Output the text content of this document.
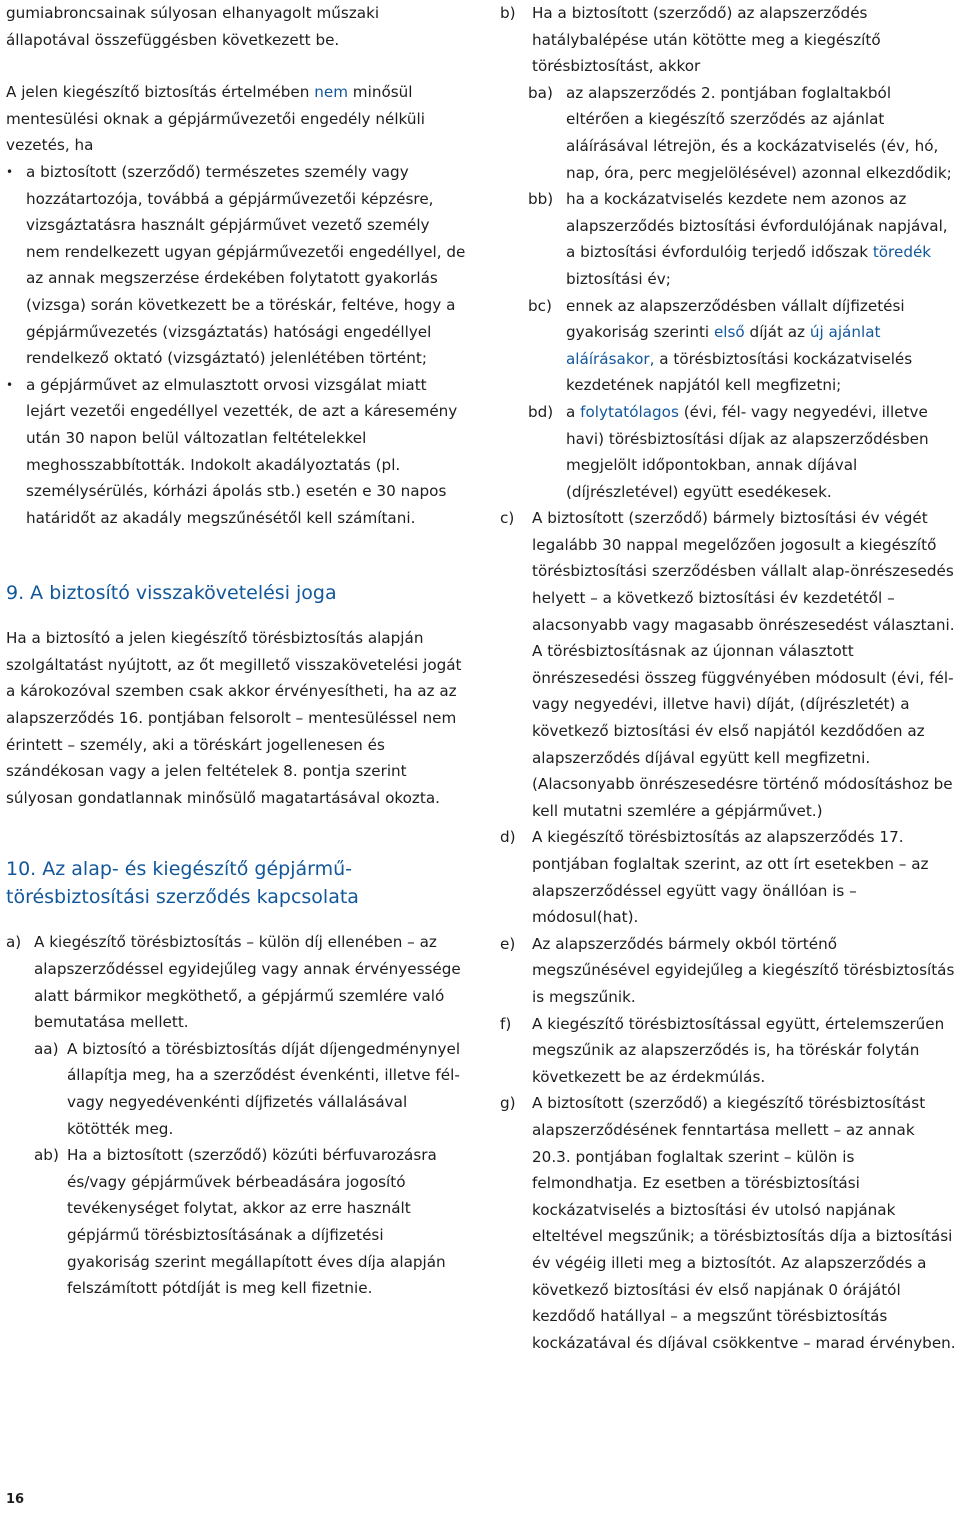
gumiabroncsainak súlyosan elhanyagolt műszaki állapotával összefüggésben következett be.

A jelen kiegészítő biztosítás értelmében nem minősül mentesülési oknak a gépjárművezetői engedély nélküli vezetés, ha

• a biztosított (szerződő) természetes személy vagy hozzátartozója, továbbá a gépjárművezetői képzésre, vizsgáztatásra használt gépjárművet vezető személy nem rendelkezett ugyan gépjárművezetői engedéllyel, de az annak megszerzése érdekében folytatott gyakorlás (vizsga) során következett be a töréskár, feltéve, hogy a gépjárművezetés (vizsgáztatás) hatósági engedéllyel rendelkező oktató (vizsgáztató) jelenlétében történt;
• a gépjárművet az elmulasztott orvosi vizsgálat miatt lejárt vezetői engedéllyel vezették, de azt a káresemény után 30 napon belül változatlan feltételekkel meghosszabbították. Indokolt akadályoztatás (pl. személysérülés, kórházi ápolás stb.) esetén e 30 napos határidőt az akadály megszűnésétől kell számítani.
9. A biztosító visszakövetelési joga

Ha a biztosító a jelen kiegészítő törésbiztosítás alapján szolgáltatást nyújtott, az őt megillető visszakövetelési jogát a károkozóval szemben csak akkor érvényesítheti, ha az az alapszerződés 16. pontjában felsorolt – mentesüléssel nem érintett – személy, aki a töréskárt jogellenesen és szándékosan vagy a jelen feltételek 8. pontja szerint súlyosan gondatlannak minősülő magatartásával okozta.

10. Az alap- és kiegészítő gépjármű-törésbiztosítási szerződés kapcsolata
a) A kiegészítő törésbiztosítás – külön díj ellenében – az alapszerződéssel egyidejűleg vagy annak érvényessége alatt bármikor megköthető, a gépjármű szemlére való bemutatása mellett.
aa) A biztosító a törésbiztosítás díját díjengedménynyel állapítja meg, ha a szerződést évenkénti, illetve fél- vagy negyedévenkénti díjfizetés vállalásával kötötték meg.
ab) Ha a biztosított (szerződő) közúti bérfuvarozásra és/vagy gépjárművek bérbeadására jogosító tevékenységet folytat, akkor az erre használt gépjármű törésbiztosításának a díjfizetési gyakoriság szerint megállapított éves díja alapján felszámított pótdíját is meg kell fizetnie.
b)	Ha a biztosított (szerződő) az alapszerződés hatálybalépése után kötötte meg a kiegészítő törésbiztosítást, akkor
ba) az alapszerződés 2. pontjában foglaltakból eltérően a kiegészítő szerződés az ajánlat aláírásával létrejön, és a kockázatviselés (év, hó, nap, óra, perc megjelölésével) azonnal elkezdődik;
bb) ha a kockázatviselés kezdete nem azonos az alapszerződés biztosítási évfordulójának napjával, a biztosítási évfordulóig terjedő időszak töredék biztosítási év;
bc) ennek az alapszerződésben vállalt díjfizetési gyakoriság szerinti első díját az új ajánlat aláírásakor, a törésbiztosítási kockázatviselés kezdetének napjától kell megfizetni;
bd) a folytatólagos (évi, fél- vagy negyedévi, illetve havi) törésbiztosítási díjak az alapszerződésben megjelölt időpontokban, annak díjával (díjrészletével) együtt esedékesek.
c)	A biztosított (szerződő) bármely biztosítási év végét legalább 30 nappal megelőzően jogosult a kiegészítő törésbiztosítási szerződésben vállalt alap-önrészesedés helyett – a következő biztosítási év kezdetétől – alacsonyabb vagy magasabb önrészesedést választani. A törésbiztosításnak az újonnan választott önrészesedési összeg függvényében módosult (évi, fél- vagy negyedévi, illetve havi) díját, (díjrészletét) a következő biztosítási év első napjától kezdődően az alapszerződés díjával együtt kell megfizetni. (Alacsonyabb önrészesedésre történő módosításhoz be kell mutatni szemlére a gépjárművet.)
d)	A kiegészítő törésbiztosítás az alapszerződés 17. pontjában foglaltak szerint, az ott írt esetekben – az alapszerződéssel együtt vagy önállóan is – módosul(hat).
e)	Az alapszerződés bármely okból történő megszűnésével egyidejűleg a kiegészítő törésbiztosítás is megszűnik.
f)	A kiegészítő törésbiztosítással együtt, értelemszerűen megszűnik az alapszerződés is, ha töréskár folytán következett be az érdekmúlás.
g)	A biztosított (szerződő) a kiegészítő törésbiztosítást alapszerződésének fenntartása mellett – az annak 20.3. pontjában foglaltak szerint – külön is felmondhatja. Ez esetben a törésbiztosítási kockázatviselés a biztosítási év utolsó napjának elteltével megszűnik; a törésbiztosítás díja a biztosítási év végéig illeti meg a biztosítót. Az alapszerződés a következő biztosítási év első napjának 0 órájától kezdődő hatállyal – a megszűnt törésbiztosítás kockázatával és díjával csökkentve – marad érvényben.
16
